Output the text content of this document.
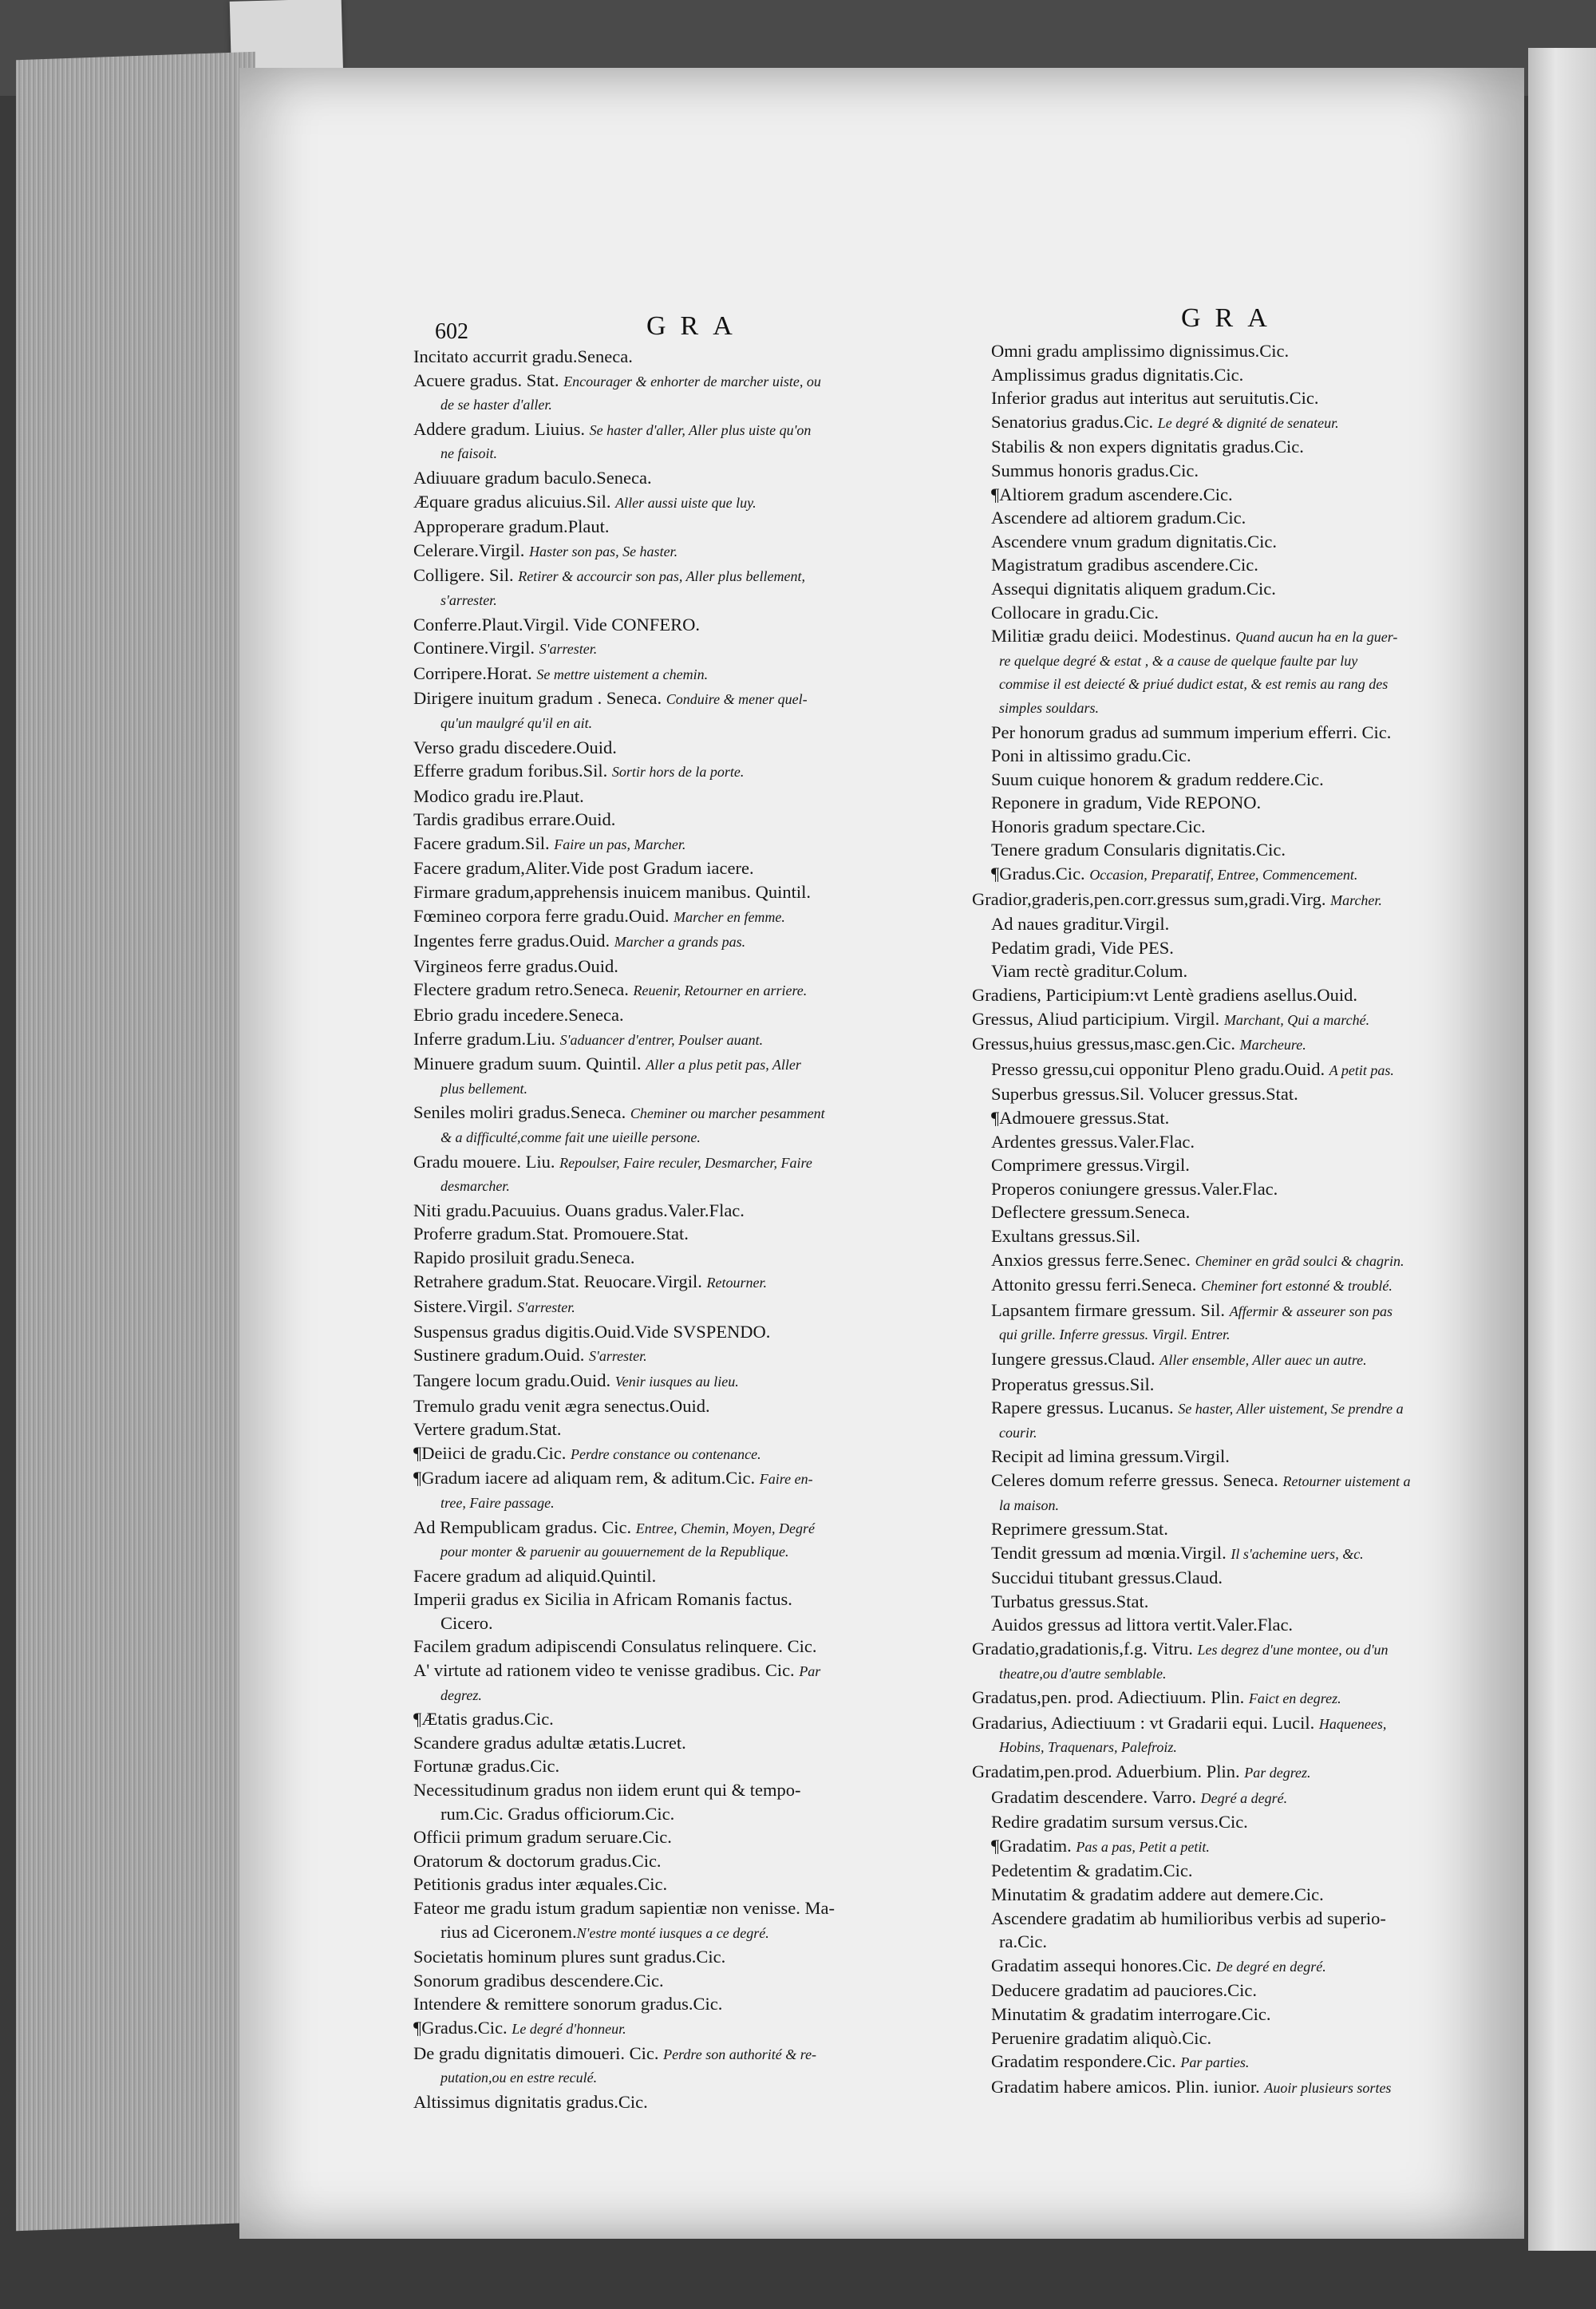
602	GRA	GRA
Incitato accurrit gradu.Seneca.
Acuere gradus. Stat. Encourager & enhorter de marcher uiste, ou
de se haster d'aller.
Addere gradum. Liuius. Se haster d'aller, Aller plus uiste qu'on
ne faisoit.
Adiuuare gradum baculo.Seneca.
Æquare gradus alicuius.Sil. Aller aussi uiste que luy.
Approperare gradum.Plaut.
Celerare.Virgil. Haster son pas, Se haster.
Colligere. Sil. Retirer & accourcir son pas, Aller plus bellement,
s'arrester.
Conferre.Plaut.Virgil. Vide CONFERO.
Continere.Virgil. S'arrester.
Corripere.Horat. Se mettre uistement a chemin.
Dirigere inuitum gradum . Seneca. Conduire & mener quel-
qu'un maulgré qu'il en ait.
Verso gradu discedere.Ouid.
Efferre gradum foribus.Sil. Sortir hors de la porte.
Modico gradu ire.Plaut.
Tardis gradibus errare.Ouid.
Facere gradum.Sil. Faire un pas, Marcher.
Facere gradum,Aliter.Vide post Gradum iacere.
Firmare gradum,apprehensis inuicem manibus. Quintil.
Fœmineo corpora ferre gradu.Ouid. Marcher en femme.
Ingentes ferre gradus.Ouid. Marcher a grands pas.
Virgineos ferre gradus.Ouid.
Flectere gradum retro.Seneca. Reuenir, Retourner en arriere.
Ebrio gradu incedere.Seneca.
Inferre gradum.Liu. S'aduancer d'entrer, Poulser auant.
Minuere gradum suum. Quintil. Aller a plus petit pas, Aller
plus bellement.
Seniles moliri gradus.Seneca. Cheminer ou marcher pesamment
& a difficulté,comme fait une uieille persone.
Gradu mouere. Liu. Repoulser, Faire reculer, Desmarcher, Faire
desmarcher.
Niti gradu.Pacuuius. Ouans gradus.Valer.Flac.
Proferre gradum.Stat. Promouere.Stat.
Rapido prosiluit gradu.Seneca.
Retrahere gradum.Stat. Reuocare.Virgil. Retourner.
Sistere.Virgil. S'arrester.
Suspensus gradus digitis.Ouid.Vide SVSPENDO.
Sustinere gradum.Ouid. S'arrester.
Tangere locum gradu.Ouid. Venir iusques au lieu.
Tremulo gradu venit ægra senectus.Ouid.
Vertere gradum.Stat.
¶Deiici de gradu.Cic. Perdre constance ou contenance.
¶Gradum iacere ad aliquam rem, & aditum.Cic. Faire en-
tree, Faire passage.
Ad Rempublicam gradus. Cic. Entree, Chemin, Moyen, Degré
pour monter & paruenir au gouuernement de la Republique.
Facere gradum ad aliquid.Quintil.
Imperii gradus ex Sicilia in Africam Romanis factus.
Cicero.
Facilem gradum adipiscendi Consulatus relinquere. Cic.
A' virtute ad rationem video te venisse gradibus. Cic. Par
degrez.
¶Ætatis gradus.Cic.
Scandere gradus adultæ ætatis.Lucret.
Fortunæ gradus.Cic.
Necessitudinum gradus non iidem erunt qui & tempo-
rum.Cic. Gradus officiorum.Cic.
Officii primum gradum seruare.Cic.
Oratorum & doctorum gradus.Cic.
Petitionis gradus inter æquales.Cic.
Fateor me gradu istum gradum sapientiæ non venisse. Ma-
rius ad Ciceronem.N'estre monté iusques a ce degré.
Societatis hominum plures sunt gradus.Cic.
Sonorum gradibus descendere.Cic.
Intendere & remittere sonorum gradus.Cic.
¶Gradus.Cic. Le degré d'honneur.
De gradu dignitatis dimoueri. Cic. Perdre son authorité & re-
putation,ou en estre reculé.
Altissimus dignitatis gradus.Cic.
Omni gradu amplissimo dignissimus.Cic.
Amplissimus gradus dignitatis.Cic.
Inferior gradus aut interitus aut seruitutis.Cic.
Senatorius gradus.Cic. Le degré & dignité de senateur.
Stabilis & non expers dignitatis gradus.Cic.
Summus honoris gradus.Cic.
¶Altiorem gradum ascendere.Cic.
Ascendere ad altiorem gradum.Cic.
Ascendere vnum gradum dignitatis.Cic.
Magistratum gradibus ascendere.Cic.
Assequi dignitatis aliquem gradum.Cic.
Collocare in gradu.Cic.
Militiæ gradu deiici. Modestinus. Quand aucun ha en la guer-
re quelque degré & estat , & a cause de quelque faulte par luy
commise il est deiecté & priué dudict estat, & est remis au rang des
simples souldars.
Per honorum gradus ad summum imperium efferri. Cic.
Poni in altissimo gradu.Cic.
Suum cuique honorem & gradum reddere.Cic.
Reponere in gradum, Vide REPONO.
Honoris gradum spectare.Cic.
Tenere gradum Consularis dignitatis.Cic.
¶Gradus.Cic. Occasion, Preparatif, Entree, Commencement.
Gradior,graderis,pen.corr.gressus sum,gradi.Virg. Marcher.
Ad naues graditur.Virgil.
Pedatim gradi, Vide PES.
Viam rectè graditur.Colum.
Gradiens, Participium:vt Lentè gradiens asellus.Ouid.
Gressus, Aliud participium. Virgil. Marchant, Qui a marché.
Gressus,huius gressus,masc.gen.Cic. Marcheure.
Presso gressu,cui opponitur Pleno gradu.Ouid. A petit pas.
Superbus gressus.Sil. Volucer gressus.Stat.
¶Admouere gressus.Stat.
Ardentes gressus.Valer.Flac.
Comprimere gressus.Virgil.
Properos coniungere gressus.Valer.Flac.
Deflectere gressum.Seneca.
Exultans gressus.Sil.
Anxios gressus ferre.Senec. Cheminer en grãd soulci & chagrin.
Attonito gressu ferri.Seneca. Cheminer fort estonné & troublé.
Lapsantem firmare gressum. Sil. Affermir & asseurer son pas
qui grille. Inferre gressus. Virgil. Entrer.
Iungere gressus.Claud. Aller ensemble, Aller auec un autre.
Properatus gressus.Sil.
Rapere gressus. Lucanus. Se haster, Aller uistement, Se prendre a
courir.
Recipit ad limina gressum.Virgil.
Celeres domum referre gressus. Seneca. Retourner uistement a
la maison.
Reprimere gressum.Stat.
Tendit gressum ad mœnia.Virgil. Il s'achemine uers, &c.
Succidui titubant gressus.Claud.
Turbatus gressus.Stat.
Auidos gressus ad littora vertit.Valer.Flac.
Gradatio,gradationis,f.g. Vitru. Les degrez d'une montee, ou d'un
theatre,ou d'autre semblable.
Gradatus,pen. prod. Adiectiuum. Plin. Faict en degrez.
Gradarius, Adiectiuum : vt Gradarii equi. Lucil. Haquenees,
Hobins, Traquenars, Palefroiz.
Gradatim,pen.prod. Aduerbium. Plin. Par degrez.
Gradatim descendere. Varro. Degré a degré.
Redire gradatim sursum versus.Cic.
¶Gradatim. Pas a pas, Petit a petit.
Pedetentim & gradatim.Cic.
Minutatim & gradatim addere aut demere.Cic.
Ascendere gradatim ab humilioribus verbis ad superio-
ra.Cic.
Gradatim assequi honores.Cic. De degré en degré.
Deducere gradatim ad pauciores.Cic.
Minutatim & gradatim interrogare.Cic.
Peruenire gradatim aliquò.Cic.
Gradatim respondere.Cic. Par parties.
Gradatim habere amicos. Plin. iunior. Auoir plusieurs sortes
